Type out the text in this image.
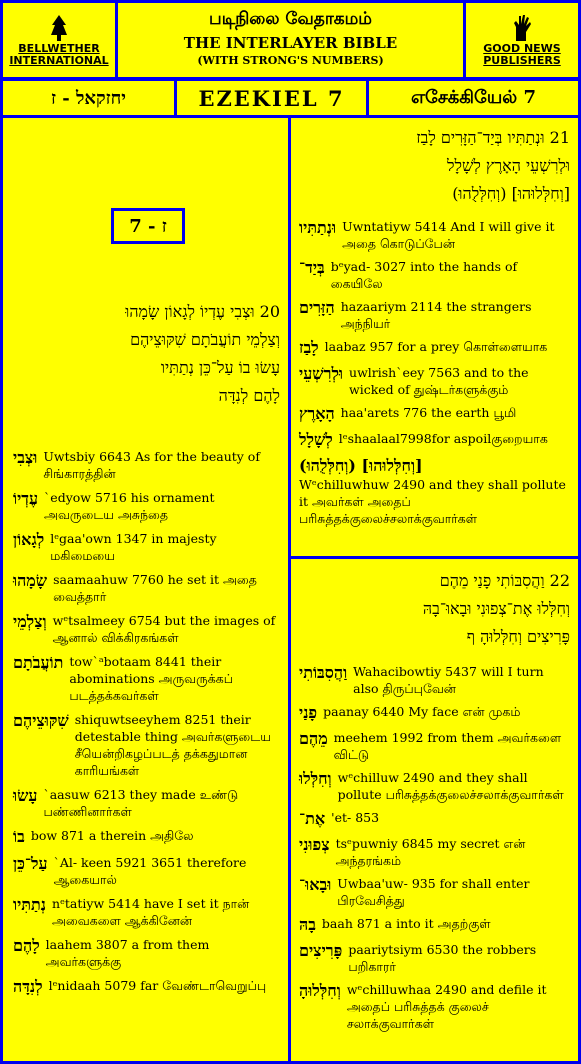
BELLWETHER
INTERNATIONAL
படிநிலை வேதாகமம்
THE INTERLAYER BIBLE
(WITH STRONG'S NUMBERS)
GOOD NEWS
PUBLISHERS
יחזקאל - ז	EZEKIEL 7	எசேக்கியேல் 7
ז - 7
20 וּצְבִי עֶדְיוֹ לְגָאוֹן שָׂמָהוּ
וְצַלְמֵי תוֹעֲבֹתָם שִׁקּוּצֵיהֶם
עָשׂוּ בוֹ עַל־כֵּן נְתַתִּיו
לָהֶם לְנִדָּה
וּצְבִי Uwtsbiy 6643 As for the beauty of சிங்காரத்தின்
עֶדְיוֹ `edyow 5716 his ornament அவருடைய அசுந்தை
לְגָאוֹן lᵉgaa'own 1347 in majesty மகிமையை
שָׂמָהוּ saamaahuw 7760 he set it அதை வைத்தார்
וְצַלְמֵי wᵉtsalmeey 6754 but the images of ஆனால் விக்கிரகங்கள்
תוֹעֲבֹתָם tow`ᵃbotaam 8441 their abominations அருவருக்கப் படத்தக்கவர்கள்
שִׁקּוּצֵיהֶם shiquwtseeyhem 8251 their detestable thing அவர்களுடைய சீயென்றிகழப்படத் தக்கதுமான காரியங்கள்
עָשׂוּ `aasuw 6213 they made உண்டு பண்ணினார்கள்
בוֹ bow 871 a therein அதிலே
עַל־כֵּן `Al- keen 5921 3651 therefore ஆகையால்
נְתַתִּיו nᵉtatiyw 5414 have I set it நான் அவைகளை ஆக்கினேன்
לָהֶם laahem 3807 a from them அவர்களுக்கு
לְנִדָּה lᵉnidaah 5079 far வேண்டாவெறுப்பு
21 וּנְתַתִּיו בְּיַד־הַזָּרִים לָבַז
וּלְרִשְׁעֵי הָאָרֶץ לְשָׁלָל
[וְחִלְּלוּהוּ] (וְחִלְּלֻהוּ)
וּנְתַתִּיו Uwntatiyw 5414 And I will give it அதை கொடுப்பேன்
בְּיַד־ bᵉyad- 3027 into the hands of கையிலே
הַזָּרִים hazaariym 2114 the strangers அந்நியர்
לָבַז laabaz 957 for a prey கொள்ளையாக
וּלְרִשְׁעֵי uwlrish`eey 7563 and to the wicked of துஷ்டர்களுக்கும்
הָאָרֶץ haa'arets 776 the earth பூமி
לְשָׁלָל lᵉshaalaal7998for aspoilகுறையாக
[וְחִלְּלוּהוּ] (וְחִלְּלֻהוּ)
Wᵉchilluwhuw 2490 and they shall pollute it அவர்கள் அதைப் பரிசுத்தக்குலைச்சலாக்குவார்கள்
22 וַהֲסִבּוֹתִי פָנַי מֵהֶם
וְחִלְּלוּ אֶת־צְפוּנִי וּבָאוּ־בָהּ
פָּרִיצִים וְחִלְּלוּהָ ף
וַהֲסִבּוֹתִי Wahacibowtiy 5437 will I turn also திருப்புவேன்
פָנַי paanay 6440 My face என் முகம்
מֵהֶם meehem 1992 from them அவர்களை விட்டு
וְחִלְּלוּ wᵉchilluw 2490 and they shall pollute பரிசுத்தக்குலைச்சலாக்குவார்கள்
אֶת־ 'et- 853
צְפוּנִי tsᵉpuwniy 6845 my secret என் அந்தரங்கம்
וּבָאוּ־ Uwbaa'uw- 935 for shall enter பிரவேசித்து
בָהּ baah 871 a into it அதற்குள்
פָּרִיצִים paariytsiym 6530 the robbers பறிகாரர்
וְחִלְּלוּהָ wᵉchilluwhaa 2490 and defile it அதைப் பரிசுத்தக் குலைச் சலாக்குவார்கள்
